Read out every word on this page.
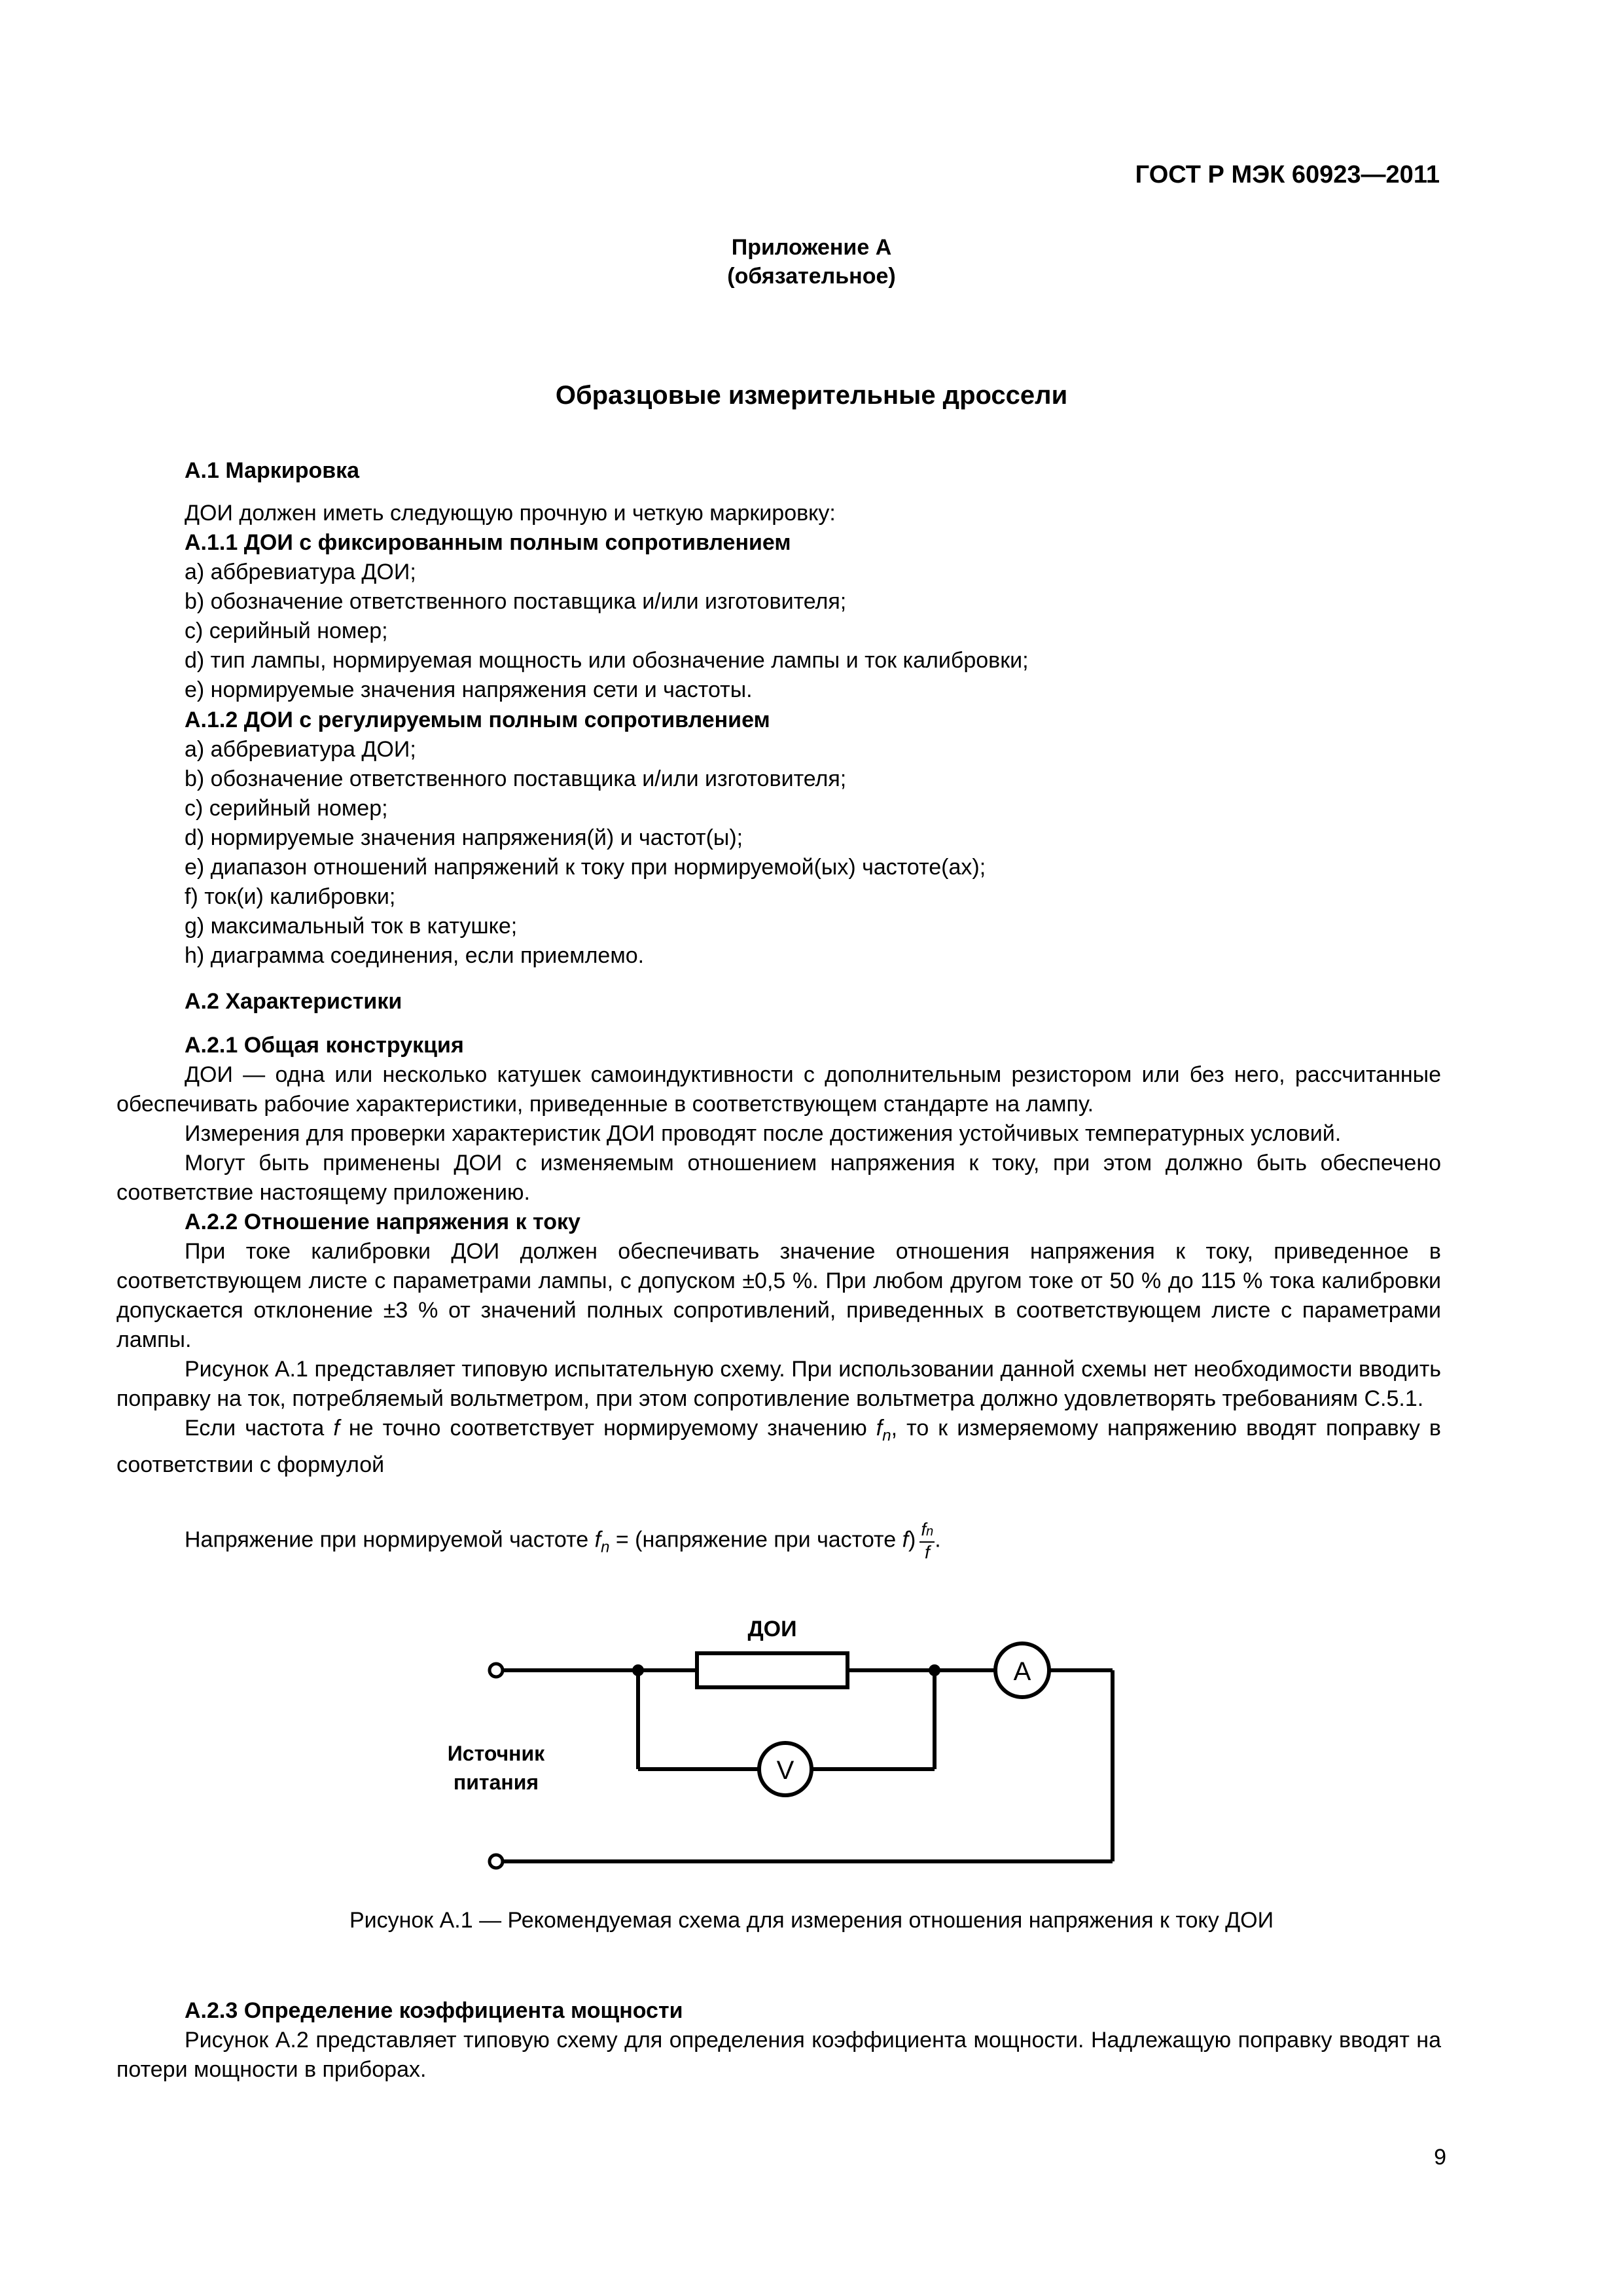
ГОСТ Р МЭК 60923—2011
Приложение А
(обязательное)
Образцовые измерительные дроссели
А.1 Маркировка
ДОИ должен иметь следующую прочную и четкую маркировку:
А.1.1 ДОИ с фиксированным полным сопротивлением
a) аббревиатура ДОИ;
b) обозначение ответственного поставщика и/или изготовителя;
c) серийный номер;
d) тип лампы, нормируемая мощность или обозначение лампы и ток калибровки;
e) нормируемые значения напряжения сети и частоты.
А.1.2 ДОИ с регулируемым полным сопротивлением
a) аббревиатура ДОИ;
b) обозначение ответственного поставщика и/или изготовителя;
c) серийный номер;
d) нормируемые значения напряжения(й) и частот(ы);
e) диапазон отношений напряжений к току при нормируемой(ых) частоте(ах);
f) ток(и) калибровки;
g) максимальный ток в катушке;
h) диаграмма соединения, если приемлемо.
А.2 Характеристики
А.2.1 Общая конструкция
ДОИ — одна или несколько катушек самоиндуктивности с дополнительным резистором или без него, рассчитанные обеспечивать рабочие характеристики, приведенные в соответствующем стандарте на лампу.
Измерения для проверки характеристик ДОИ проводят после достижения устойчивых температурных условий.
Могут быть применены ДОИ с изменяемым отношением напряжения к току, при этом должно быть обеспечено соответствие настоящему приложению.
А.2.2 Отношение напряжения к току
При токе калибровки ДОИ должен обеспечивать значение отношения напряжения к току, приведенное в соответствующем листе с параметрами лампы, с допуском ±0,5 %. При любом другом токе от 50 % до 115 % тока калибровки допускается отклонение ±3 % от значений полных сопротивлений, приведенных в соответствующем листе с параметрами лампы.
Рисунок А.1 представляет типовую испытательную схему. При использовании данной схемы нет необходимости вводить поправку на ток, потребляемый вольтметром, при этом сопротивление вольтметра должно удовлетворять требованиям С.5.1.
Если частота f не точно соответствует нормируемому значению $f_n$, то к измеряемому напряжению вводят поправку в соответствии с формулой
Напряжение при нормируемой частоте $f_n$ = (напряжение при частоте $f) \frac{fn}{f}$ .
A
V
ДОИ
Источник
питания
Рисунок А.1 — Рекомендуемая схема для измерения отношения напряжения к току ДОИ
А.2.3 Определение коэффициента мощности
Рисунок А.2 представляет типовую схему для определения коэффициента мощности. Надлежащую поправку вводят на потери мощности в приборах.
9
